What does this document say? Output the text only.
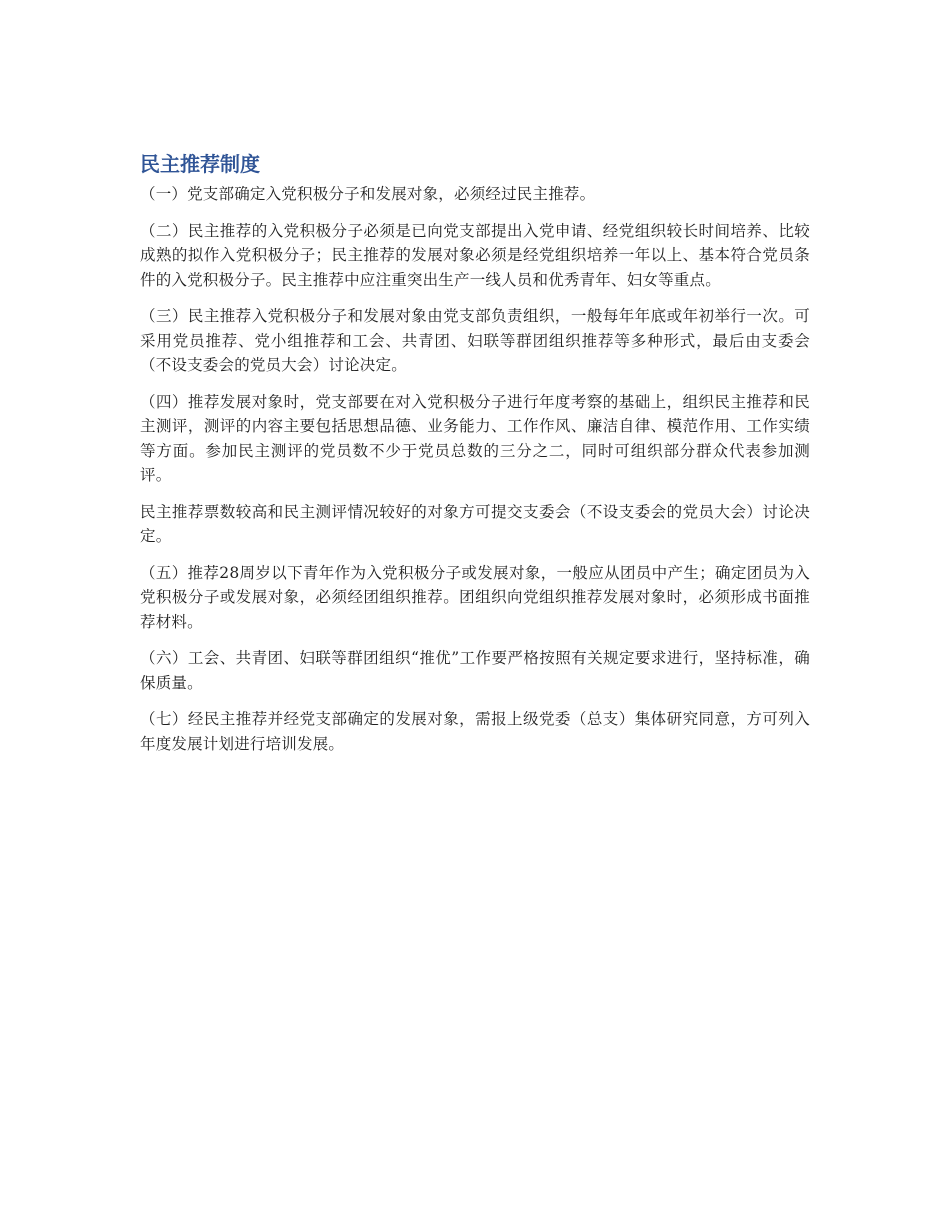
民主推荐制度

（一）党支部确定入党积极分子和发展对象，必须经过民主推荐。

（二）民主推荐的入党积极分子必须是已向党支部提出入党申请、经党组织较长时间培养、比较成熟的拟作入党积极分子；民主推荐的发展对象必须是经党组织培养一年以上、基本符合党员条件的入党积极分子。民主推荐中应注重突出生产一线人员和优秀青年、妇女等重点。

（三）民主推荐入党积极分子和发展对象由党支部负责组织，一般每年年底或年初举行一次。可采用党员推荐、党小组推荐和工会、共青团、妇联等群团组织推荐等多种形式，最后由支委会（不设支委会的党员大会）讨论决定。

（四）推荐发展对象时，党支部要在对入党积极分子进行年度考察的基础上，组织民主推荐和民主测评，测评的内容主要包括思想品德、业务能力、工作作风、廉洁自律、模范作用、工作实绩等方面。参加民主测评的党员数不少于党员总数的三分之二，同时可组织部分群众代表参加测评。

民主推荐票数较高和民主测评情况较好的对象方可提交支委会（不设支委会的党员大会）讨论决定。

（五）推荐28周岁以下青年作为入党积极分子或发展对象，一般应从团员中产生；确定团员为入党积极分子或发展对象，必须经团组织推荐。团组织向党组织推荐发展对象时，必须形成书面推荐材料。

（六）工会、共青团、妇联等群团组织“推优”工作要严格按照有关规定要求进行，坚持标准，确保质量。

（七）经民主推荐并经党支部确定的发展对象，需报上级党委（总支）集体研究同意，方可列入年度发展计划进行培训发展。
